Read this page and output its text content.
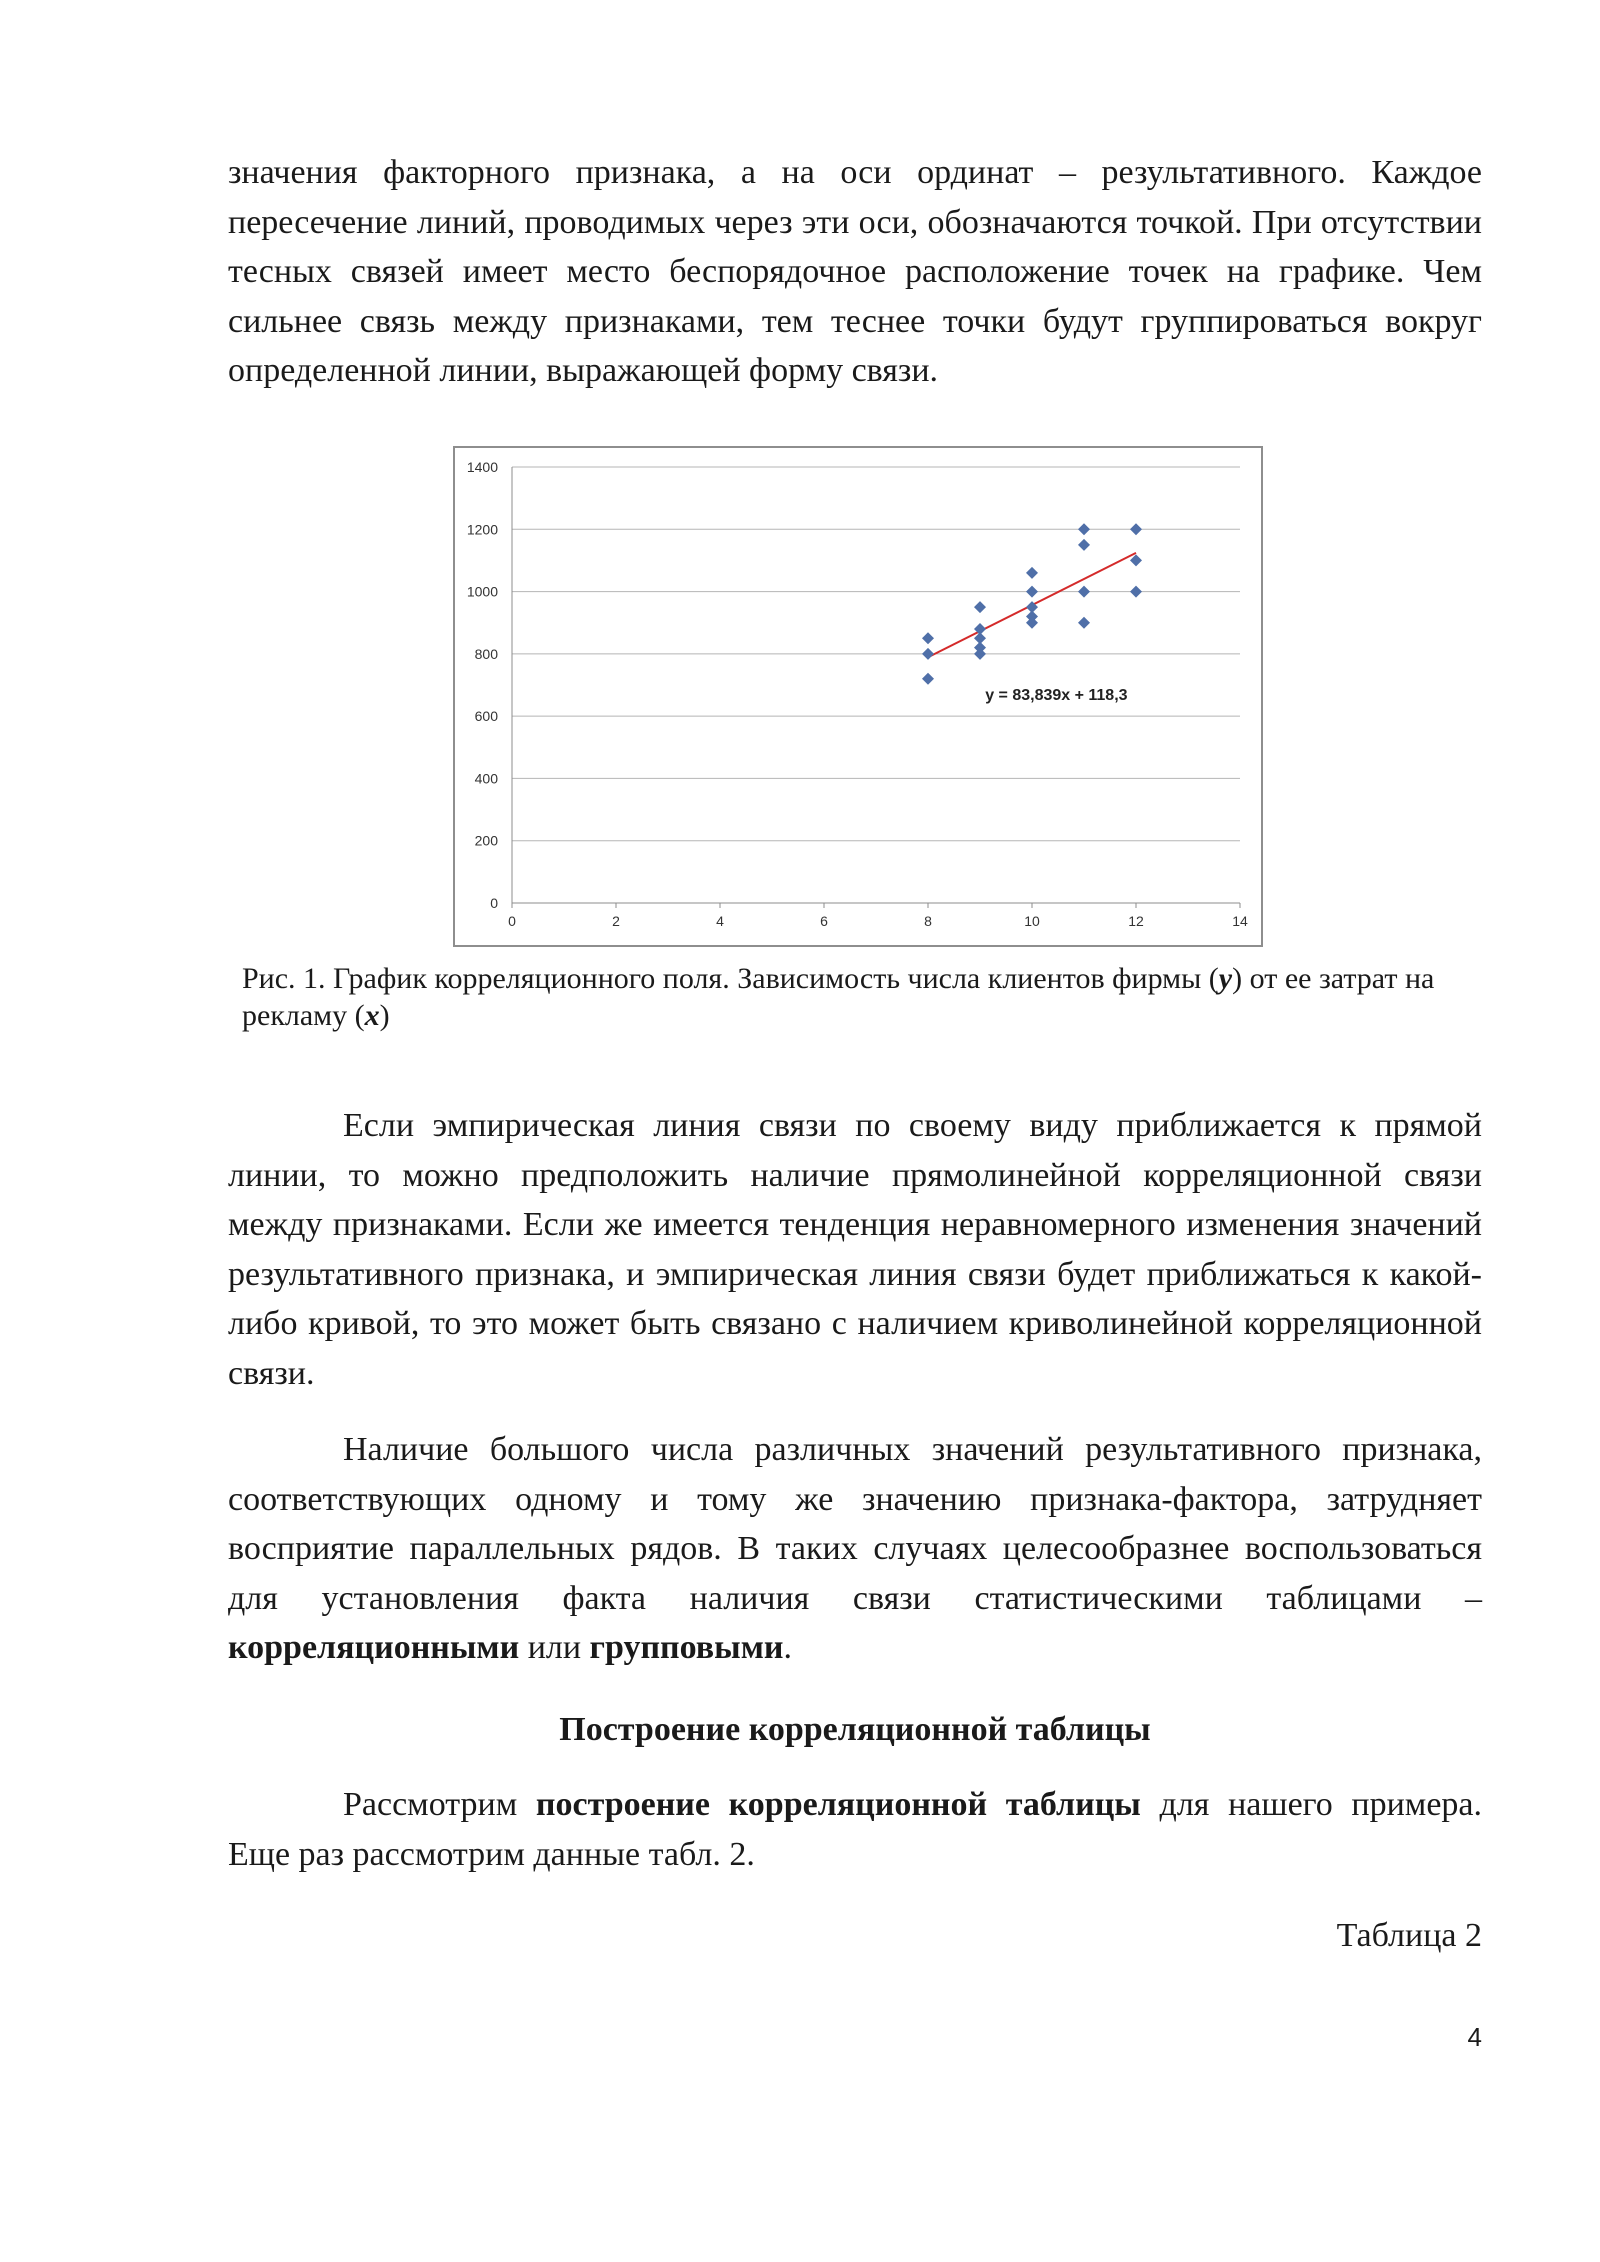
значения факторного признака, а на оси ординат – результативного. Каждое пересечение линий, проводимых через эти оси, обозначаются точкой. При отсутствии тесных связей имеет место беспорядочное расположение точек на графике. Чем сильнее связь между признаками, тем теснее точки будут группироваться вокруг определенной линии, выражающей форму связи.

0
200
400
600
800
1000
1200
1400
0	2	4	6	8	10	12	14
y = 83,839x + 118,3

Рис. 1. График корреляционного поля. Зависимость числа клиентов фирмы (y) от ее затрат на рекламу (x)

Если эмпирическая линия связи по своему виду приближается к прямой линии, то можно предположить наличие прямолинейной корреляционной связи между признаками. Если же имеется тенденция неравномерного изменения значений результативного признака, и эмпирическая линия связи будет приближаться к какой-либо кривой, то это может быть связано с наличием криволинейной корреляционной связи.

Наличие большого числа различных значений результативного признака, соответствующих одному и тому же значению признака-фактора, затрудняет восприятие параллельных рядов. В таких случаях целесообразнее воспользоваться для установления факта наличия связи статистическими таблицами – корреляционными или групповыми.

Построение корреляционной таблицы

Рассмотрим построение корреляционной таблицы для нашего примера. Еще раз рассмотрим данные табл. 2.

Таблица 2

4
